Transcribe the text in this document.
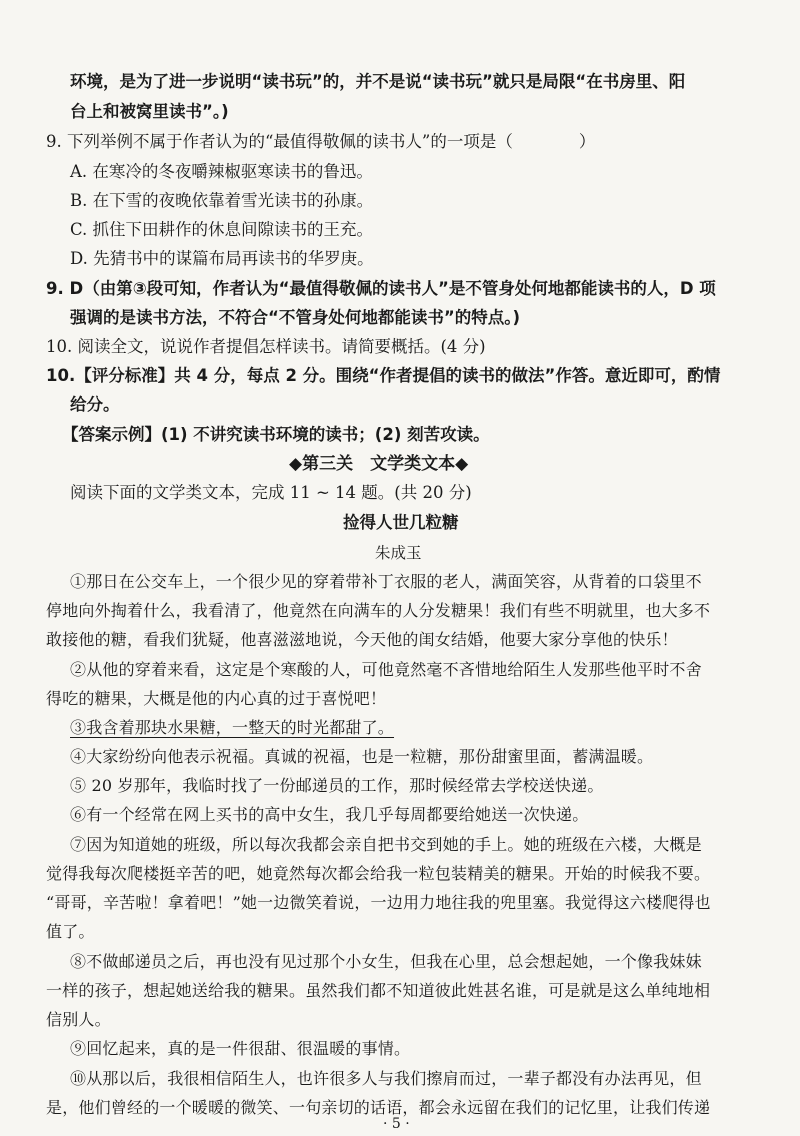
环境，是为了进一步说明“读书玩”的，并不是说“读书玩”就只是局限“在书房里、阳
台上和被窝里读书”。)
9. 下列举例不属于作者认为的“最值得敬佩的读书人”的一项是（　　　　）
A. 在寒冷的冬夜嚼辣椒驱寒读书的鲁迅。
B. 在下雪的夜晚依靠着雪光读书的孙康。
C. 抓住下田耕作的休息间隙读书的王充。
D. 先猜书中的谋篇布局再读书的华罗庚。
9. D（由第③段可知，作者认为“最值得敬佩的读书人”是不管身处何地都能读书的人，D 项
强调的是读书方法，不符合“不管身处何地都能读书”的特点。)
10. 阅读全文，说说作者提倡怎样读书。请简要概括。(4 分)
10.【评分标准】共 4 分，每点 2 分。围绕“作者提倡的读书的做法”作答。意近即可，酌情
给分。
【答案示例】(1) 不讲究读书环境的读书；(2) 刻苦攻读。
◆第三关　文学类文本◆
阅读下面的文学类文本，完成 11 ~ 14 题。(共 20 分)
捡得人世几粒糖
朱成玉
①那日在公交车上，一个很少见的穿着带补丁衣服的老人，满面笑容，从背着的口袋里不
停地向外掏着什么，我看清了，他竟然在向满车的人分发糖果！我们有些不明就里，也大多不
敢接他的糖，看我们犹疑，他喜滋滋地说，今天他的闺女结婚，他要大家分享他的快乐！
②从他的穿着来看，这定是个寒酸的人，可他竟然毫不吝惜地给陌生人发那些他平时不舍
得吃的糖果，大概是他的内心真的过于喜悦吧！
③我含着那块水果糖，一整天的时光都甜了。
④大家纷纷向他表示祝福。真诚的祝福，也是一粒糖，那份甜蜜里面，蓄满温暖。
⑤ 20 岁那年，我临时找了一份邮递员的工作，那时候经常去学校送快递。
⑥有一个经常在网上买书的高中女生，我几乎每周都要给她送一次快递。
⑦因为知道她的班级，所以每次我都会亲自把书交到她的手上。她的班级在六楼，大概是
觉得我每次爬楼挺辛苦的吧，她竟然每次都会给我一粒包装精美的糖果。开始的时候我不要。
“哥哥，辛苦啦！拿着吧！”她一边微笑着说，一边用力地往我的兜里塞。我觉得这六楼爬得也
值了。
⑧不做邮递员之后，再也没有见过那个小女生，但我在心里，总会想起她，一个像我妹妹
一样的孩子，想起她送给我的糖果。虽然我们都不知道彼此姓甚名谁，可是就是这么单纯地相
信别人。
⑨回忆起来，真的是一件很甜、很温暖的事情。
⑩从那以后，我很相信陌生人，也许很多人与我们擦肩而过，一辈子都没有办法再见，但
是，他们曾经的一个暖暖的微笑、一句亲切的话语，都会永远留在我们的记忆里，让我们传递
· 5 ·
